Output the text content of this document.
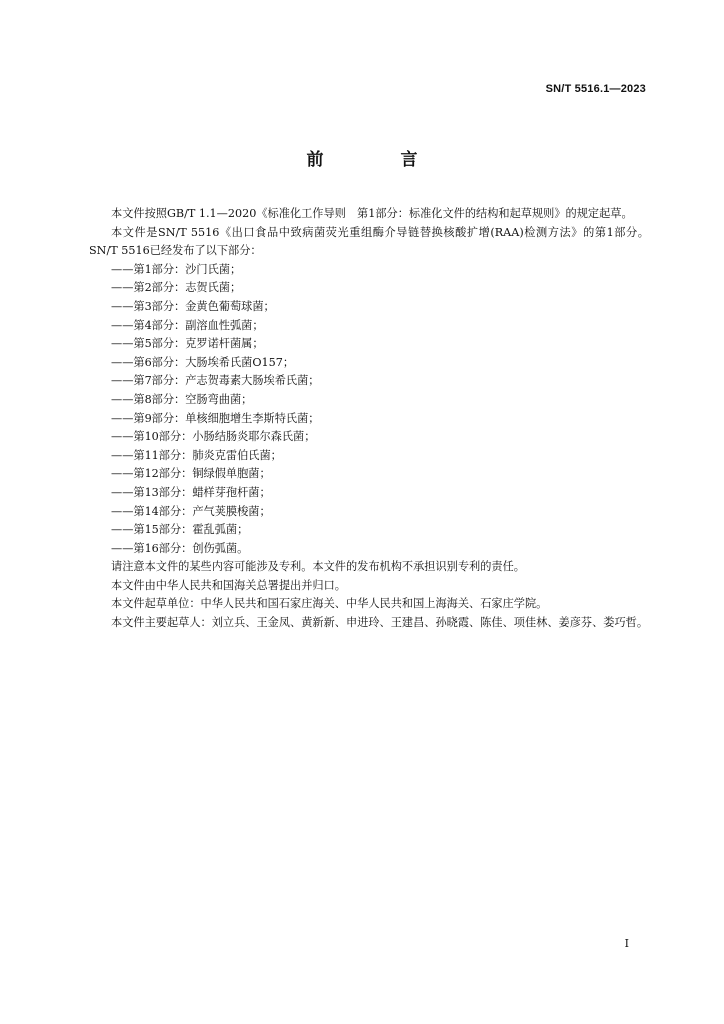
SN/T 5516.1—2023
前　言

本文件按照GB/T 1.1—2020《标准化工作导则　第1部分：标准化文件的结构和起草规则》的规定起草。

本文件是SN/T 5516《出口食品中致病菌荧光重组酶介导链替换核酸扩增(RAA)检测方法》的第1部分。SN/T 5516已经发布了以下部分：

——第1部分：沙门氏菌；
——第2部分：志贺氏菌；
——第3部分：金黄色葡萄球菌；
——第4部分：副溶血性弧菌；
——第5部分：克罗诺杆菌属；
——第6部分：大肠埃希氏菌O157；
——第7部分：产志贺毒素大肠埃希氏菌；
——第8部分：空肠弯曲菌；
——第9部分：单核细胞增生李斯特氏菌；
——第10部分：小肠结肠炎耶尔森氏菌；
——第11部分：肺炎克雷伯氏菌；
——第12部分：铜绿假单胞菌；
——第13部分：蜡样芽孢杆菌；
——第14部分：产气荚膜梭菌；
——第15部分：霍乱弧菌；
——第16部分：创伤弧菌。

请注意本文件的某些内容可能涉及专利。本文件的发布机构不承担识别专利的责任。

本文件由中华人民共和国海关总署提出并归口。

本文件起草单位：中华人民共和国石家庄海关、中华人民共和国上海海关、石家庄学院。

本文件主要起草人：刘立兵、王金凤、黄新新、申进玲、王建昌、孙晓霞、陈佳、项佳林、姜彦芬、娄巧哲。

I
